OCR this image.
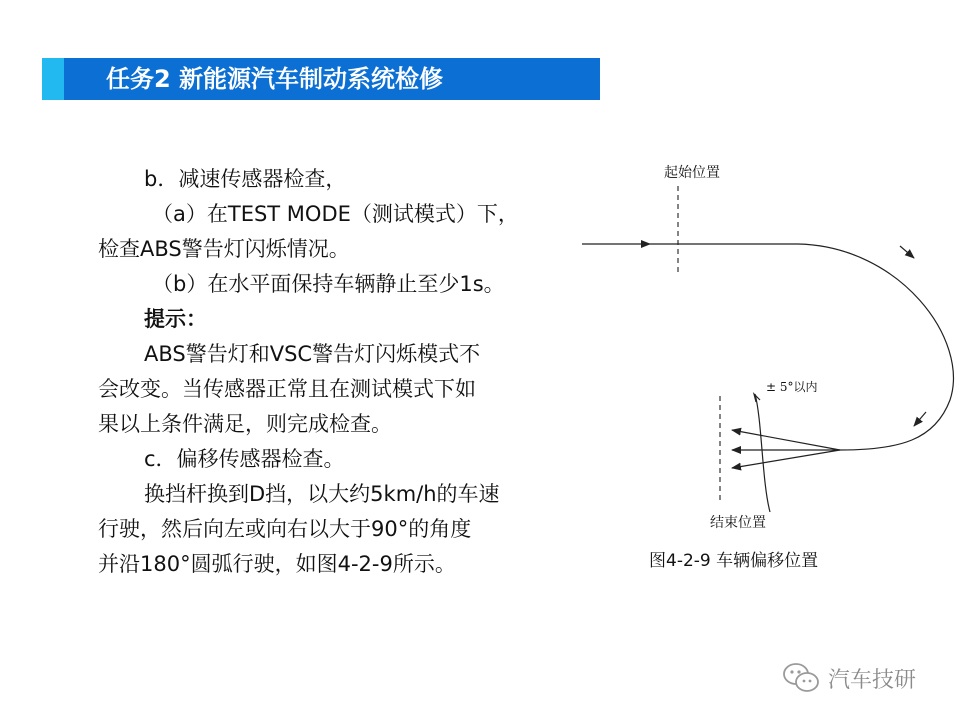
任务2 新能源汽车制动系统检修

b．减速传感器检查，

（a）在TEST MODE（测试模式）下，

检查ABS警告灯闪烁情况。

（b）在水平面保持车辆静止至少1s。

提示：

ABS警告灯和VSC警告灯闪烁模式不

会改变。当传感器正常且在测试模式下如

果以上条件满足，则完成检查。

c．偏移传感器检查。

换挡杆换到D挡，以大约5km/h的车速

行驶，然后向左或向右以大于90°的角度

并沿180°圆弧行驶，如图4-2-9所示。

起始位置
± 5°以内
结束位置
图4-2-9 车辆偏移位置
汽车技研
